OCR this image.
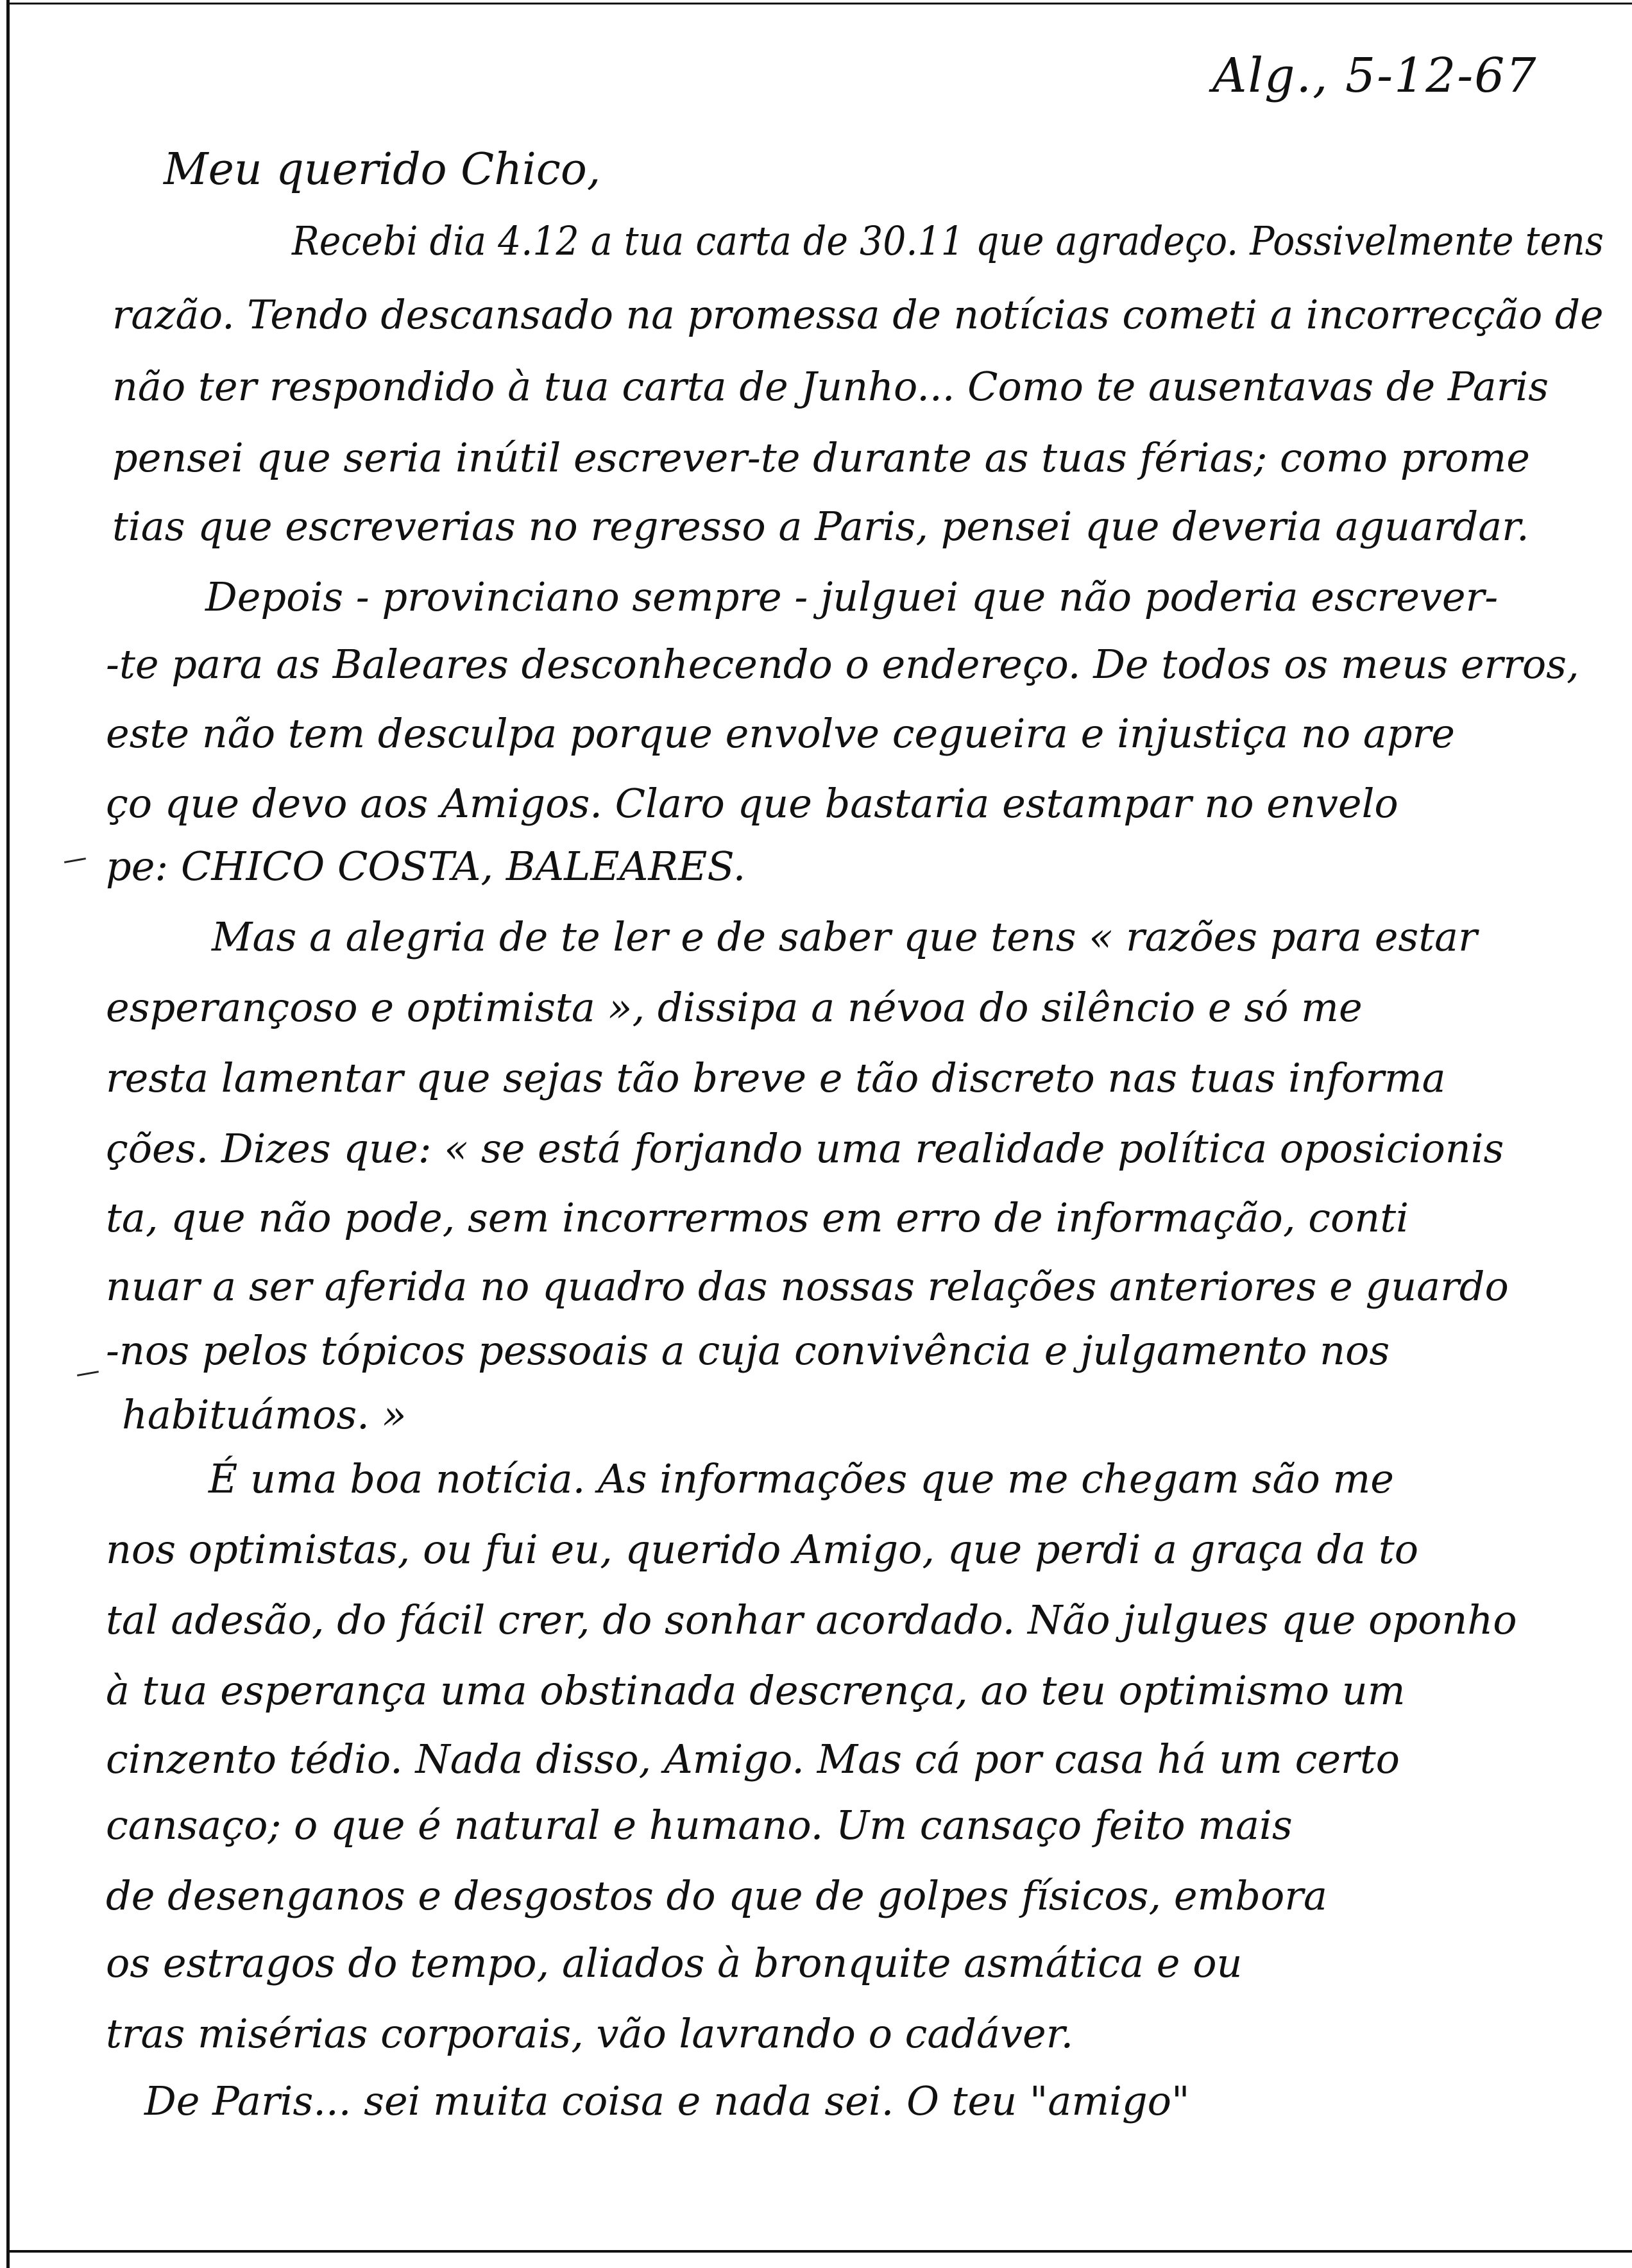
Alg., 5-12-67
Meu querido Chico,
Recebi dia 4.12 a tua carta de 30.11 que agradeço. Possivelmente tens
razão. Tendo descansado na promessa de notícias cometi a incorrecção de
não ter respondido à tua carta de Junho... Como te ausentavas de Paris
pensei que seria inútil escrever-te durante as tuas férias; como prome
tias que escreverias no regresso a Paris, pensei que deveria aguardar.
Depois - provinciano sempre - julguei que não poderia escrever-
-te para as Baleares desconhecendo o endereço. De todos os meus erros,
este não tem desculpa porque envolve cegueira e injustiça no apre
ço que devo aos Amigos. Claro que bastaria estampar no envelo
pe: CHICO COSTA, BALEARES.
Mas a alegria de te ler e de saber que tens « razões para estar
esperançoso e optimista », dissipa a névoa do silêncio e só me
resta lamentar que sejas tão breve e tão discreto nas tuas informa
ções. Dizes que: « se está forjando uma realidade política oposicionis
ta, que não pode, sem incorrermos em erro de informação, conti
nuar a ser aferida no quadro das nossas relações anteriores e guardo
-nos pelos tópicos pessoais a cuja convivência e julgamento nos
habituámos. »
É uma boa notícia. As informações que me chegam são me
nos optimistas, ou fui eu, querido Amigo, que perdi a graça da to
tal adesão, do fácil crer, do sonhar acordado. Não julgues que oponho
à tua esperança uma obstinada descrença, ao teu optimismo um
cinzento tédio. Nada disso, Amigo. Mas cá por casa há um certo
cansaço; o que é natural e humano. Um cansaço feito mais
de desenganos e desgostos do que de golpes físicos, embora
os estragos do tempo, aliados à bronquite asmática e ou
tras misérias corporais, vão lavrando o cadáver.
De Paris... sei muita coisa e nada sei. O teu "amigo"
